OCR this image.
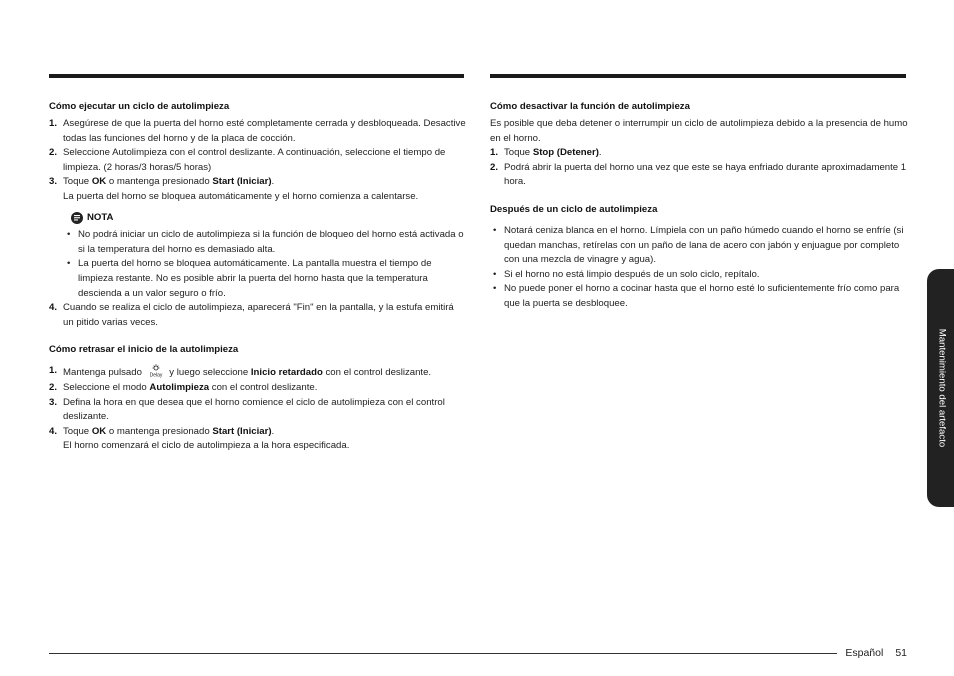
Cómo ejecutar un ciclo de autolimpieza
1. Asegúrese de que la puerta del horno esté completamente cerrada y desbloqueada. Desactive todas las funciones del horno y de la placa de cocción.
2. Seleccione Autolimpieza con el control deslizante. A continuación, seleccione el tiempo de limpieza. (2 horas/3 horas/5 horas)
3. Toque OK o mantenga presionado Start (Iniciar).

La puerta del horno se bloquea automáticamente y el horno comienza a calentarse.

NOTA
• No podrá iniciar un ciclo de autolimpieza si la función de bloqueo del horno está activada o si la temperatura del horno es demasiado alta.
• La puerta del horno se bloquea automáticamente. La pantalla muestra el tiempo de limpieza restante. No es posible abrir la puerta del horno hasta que la temperatura descienda a un valor seguro o frío.
4. Cuando se realiza el ciclo de autolimpieza, aparecerá "Fin" en la pantalla, y la estufa emitirá un pitido varias veces.
Cómo retrasar el inicio de la autolimpieza
1. Mantenga pulsado Delay y luego seleccione Inicio retardado con el control deslizante.
2. Seleccione el modo Autolimpieza con el control deslizante.
3. Defina la hora en que desea que el horno comience el ciclo de autolimpieza con el control deslizante.
4. Toque OK o mantenga presionado Start (Iniciar).

El horno comenzará el ciclo de autolimpieza a la hora especificada.

Cómo desactivar la función de autolimpieza

Es posible que deba detener o interrumpir un ciclo de autolimpieza debido a la presencia de humo en el horno.

1. Toque Stop (Detener).
2. Podrá abrir la puerta del horno una vez que este se haya enfriado durante aproximadamente 1 hora.
Después de un ciclo de autolimpieza
• Notará ceniza blanca en el horno. Límpiela con un paño húmedo cuando el horno se enfríe (si quedan manchas, retírelas con un paño de lana de acero con jabón y enjuague por completo con una mezcla de vinagre y agua).
• Si el horno no está limpio después de un solo ciclo, repítalo.
• No puede poner el horno a cocinar hasta que el horno esté lo suficientemente frío como para que la puerta se desbloquee.
Mantenimiento del artefacto
Español 51
